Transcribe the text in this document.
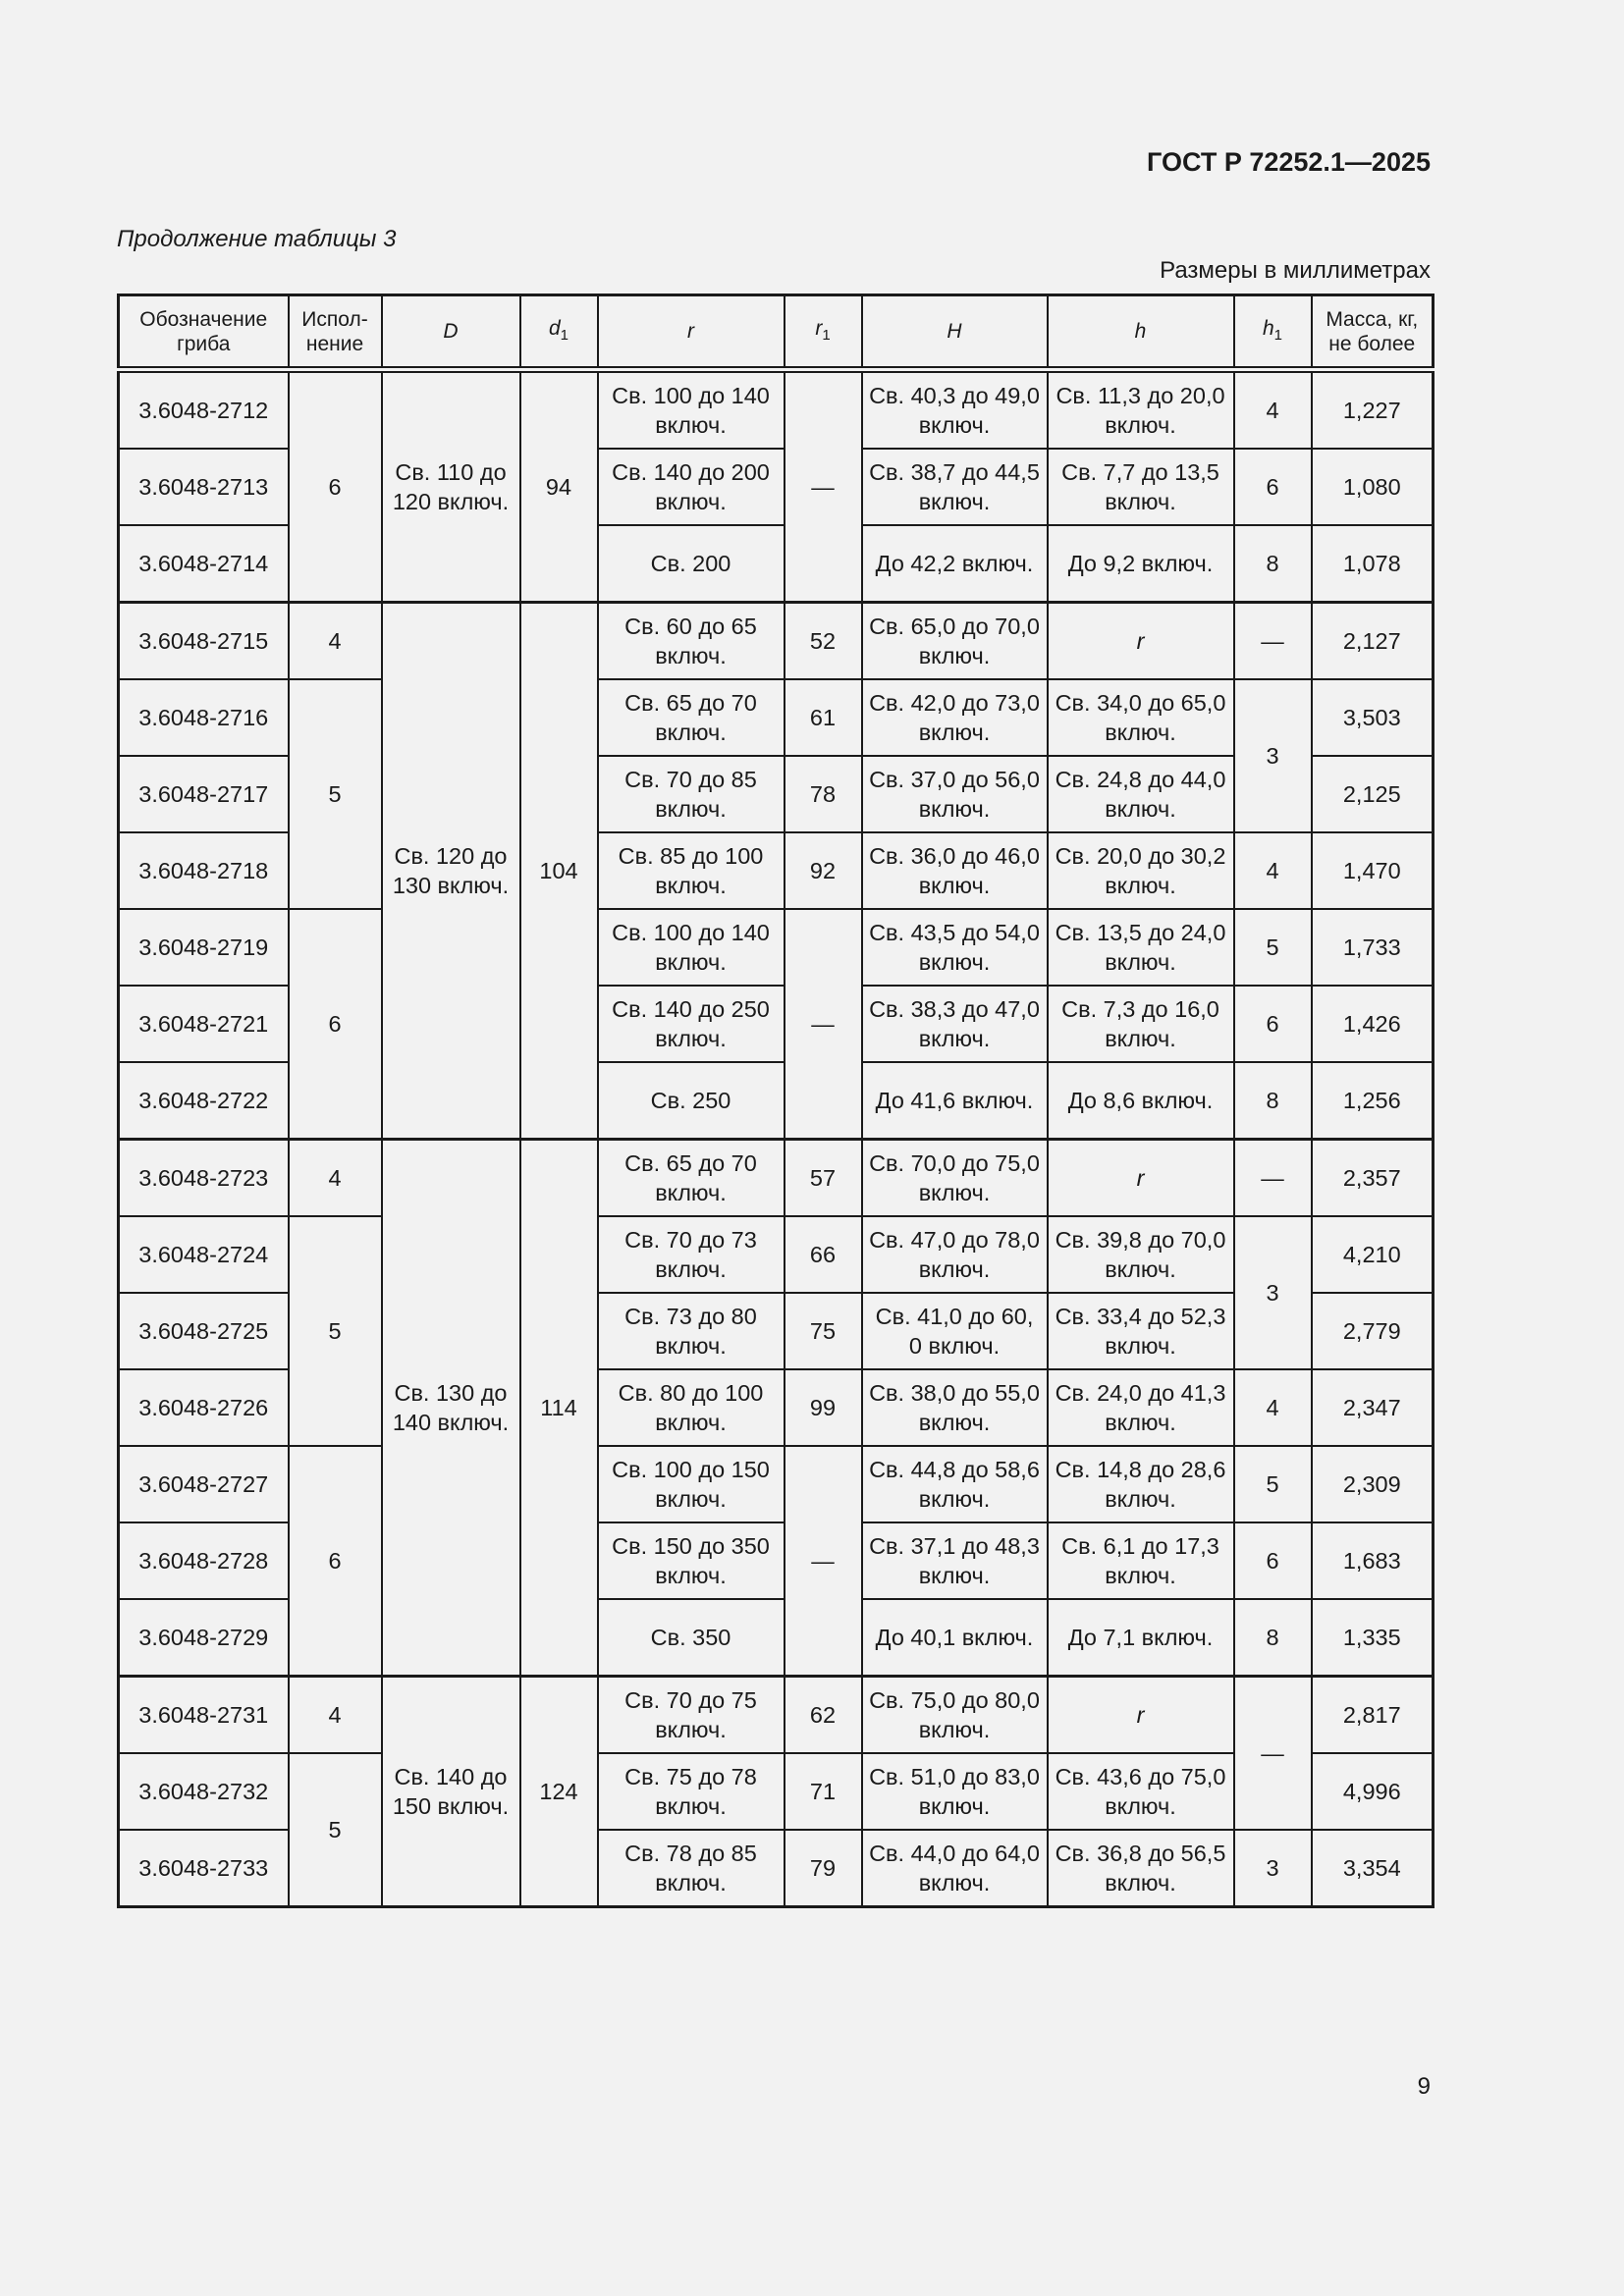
ГОСТ Р 72252.1—2025
Продолжение таблицы 3
Размеры в миллиметрах
Обозначение гриба	Испол-нение	D	$d_1$	r	$r_1$	H	h	$h_1$	Масса, кг, не более
3.6048-2712	6	Св. 110 до 120 включ.	94	Св. 100 до 140 включ.	—	Св. 40,3 до 49,0 включ.	Св. 11,3 до 20,0 включ.	4	1,227
3.6048-2713				Св. 140 до 200 включ.		Св. 38,7 до 44,5 включ.	Св. 7,7 до 13,5 включ.	6	1,080
3.6048-2714				Св. 200		До 42,2 включ.	До 9,2 включ.	8	1,078
3.6048-2715	4	Св. 120 до 130 включ.	104	Св. 60 до 65 включ.	52	Св. 65,0 до 70,0 включ.	r	—	2,127
3.6048-2716	5			Св. 65 до 70 включ.	61	Св. 42,0 до 73,0 включ.	Св. 34,0 до 65,0 включ.	3	3,503
3.6048-2717				Св. 70 до 85 включ.	78	Св. 37,0 до 56,0 включ.	Св. 24,8 до 44,0 включ.		2,125
3.6048-2718				Св. 85 до 100 включ.	92	Св. 36,0 до 46,0 включ.	Св. 20,0 до 30,2 включ.	4	1,470
3.6048-2719	6			Св. 100 до 140 включ.	—	Св. 43,5 до 54,0 включ.	Св. 13,5 до 24,0 включ.	5	1,733
3.6048-2721				Св. 140 до 250 включ.		Св. 38,3 до 47,0 включ.	Св. 7,3 до 16,0 включ.	6	1,426
3.6048-2722				Св. 250		До 41,6 включ.	До 8,6 включ.	8	1,256
3.6048-2723	4	Св. 130 до 140 включ.	114	Св. 65 до 70 включ.	57	Св. 70,0 до 75,0 включ.	r	—	2,357
3.6048-2724	5			Св. 70 до 73 включ.	66	Св. 47,0 до 78,0 включ.	Св. 39,8 до 70,0 включ.	3	4,210
3.6048-2725				Св. 73 до 80 включ.	75	Св. 41,0 до 60, 0 включ.	Св. 33,4 до 52,3 включ.		2,779
3.6048-2726				Св. 80 до 100 включ.	99	Св. 38,0 до 55,0 включ.	Св. 24,0 до 41,3 включ.	4	2,347
3.6048-2727	6			Св. 100 до 150 включ.	—	Св. 44,8 до 58,6 включ.	Св. 14,8 до 28,6 включ.	5	2,309
3.6048-2728				Св. 150 до 350 включ.		Св. 37,1 до 48,3 включ.	Св. 6,1 до 17,3 включ.	6	1,683
3.6048-2729				Св. 350		До 40,1 включ.	До 7,1 включ.	8	1,335
3.6048-2731	4	Св. 140 до 150 включ.	124	Св. 70 до 75 включ.	62	Св. 75,0 до 80,0 включ.	r	—	2,817
3.6048-2732	5			Св. 75 до 78 включ.	71	Св. 51,0 до 83,0 включ.	Св. 43,6 до 75,0 включ.		4,996
3.6048-2733				Св. 78 до 85 включ.	79	Св. 44,0 до 64,0 включ.	Св. 36,8 до 56,5 включ.	3	3,354
9
